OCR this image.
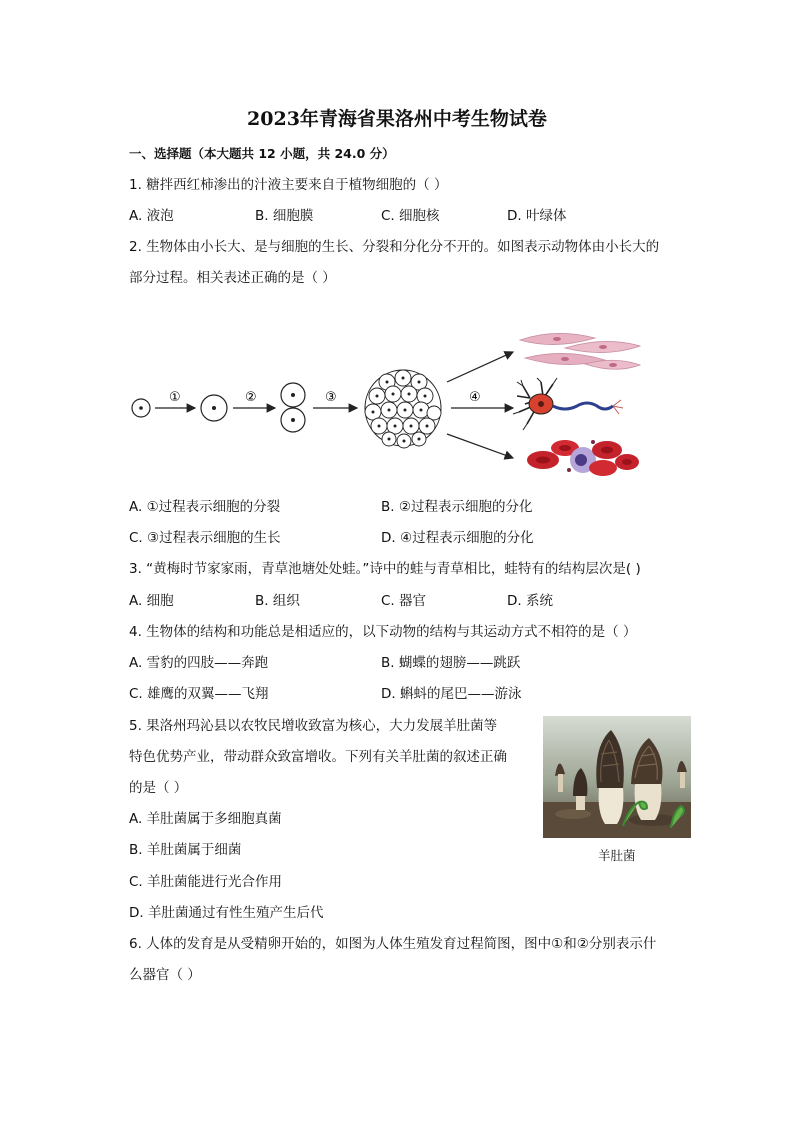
2023年青海省果洛州中考生物试卷
一、选择题（本大题共 12 小题，共 24.0 分）
1. 糖拌西红柿渗出的汁液主要来自于植物细胞的（ ）
A. 液泡	B. 细胞膜	C. 细胞核	D. 叶绿体
2. 生物体由小长大、是与细胞的生长、分裂和分化分不开的。如图表示动物体由小长大的
部分过程。相关表述正确的是（ ）
①	②	③	④
A. ①过程表示细胞的分裂	B. ②过程表示细胞的分化
C. ③过程表示细胞的生长	D. ④过程表示细胞的分化
3. “黄梅时节家家雨，青草池塘处处蛙。”诗中的蛙与青草相比，蛙特有的结构层次是( )
A. 细胞	B. 组织	C. 器官	D. 系统
4. 生物体的结构和功能总是相适应的，以下动物的结构与其运动方式不相符的是（ ）
A. 雪豹的四肢——奔跑	B. 蝴蝶的翅膀——跳跃
C. 雄鹰的双翼——飞翔	D. 蝌蚪的尾巴——游泳
5. 果洛州玛沁县以农牧民增收致富为核心，大力发展羊肚菌等
特色优势产业，带动群众致富增收。下列有关羊肚菌的叙述正确
的是（ ）
A. 羊肚菌属于多细胞真菌
B. 羊肚菌属于细菌
C. 羊肚菌能进行光合作用
D. 羊肚菌通过有性生殖产生后代
羊肚菌
6. 人体的发育是从受精卵开始的，如图为人体生殖发育过程简图，图中①和②分别表示什
么器官（ ）
